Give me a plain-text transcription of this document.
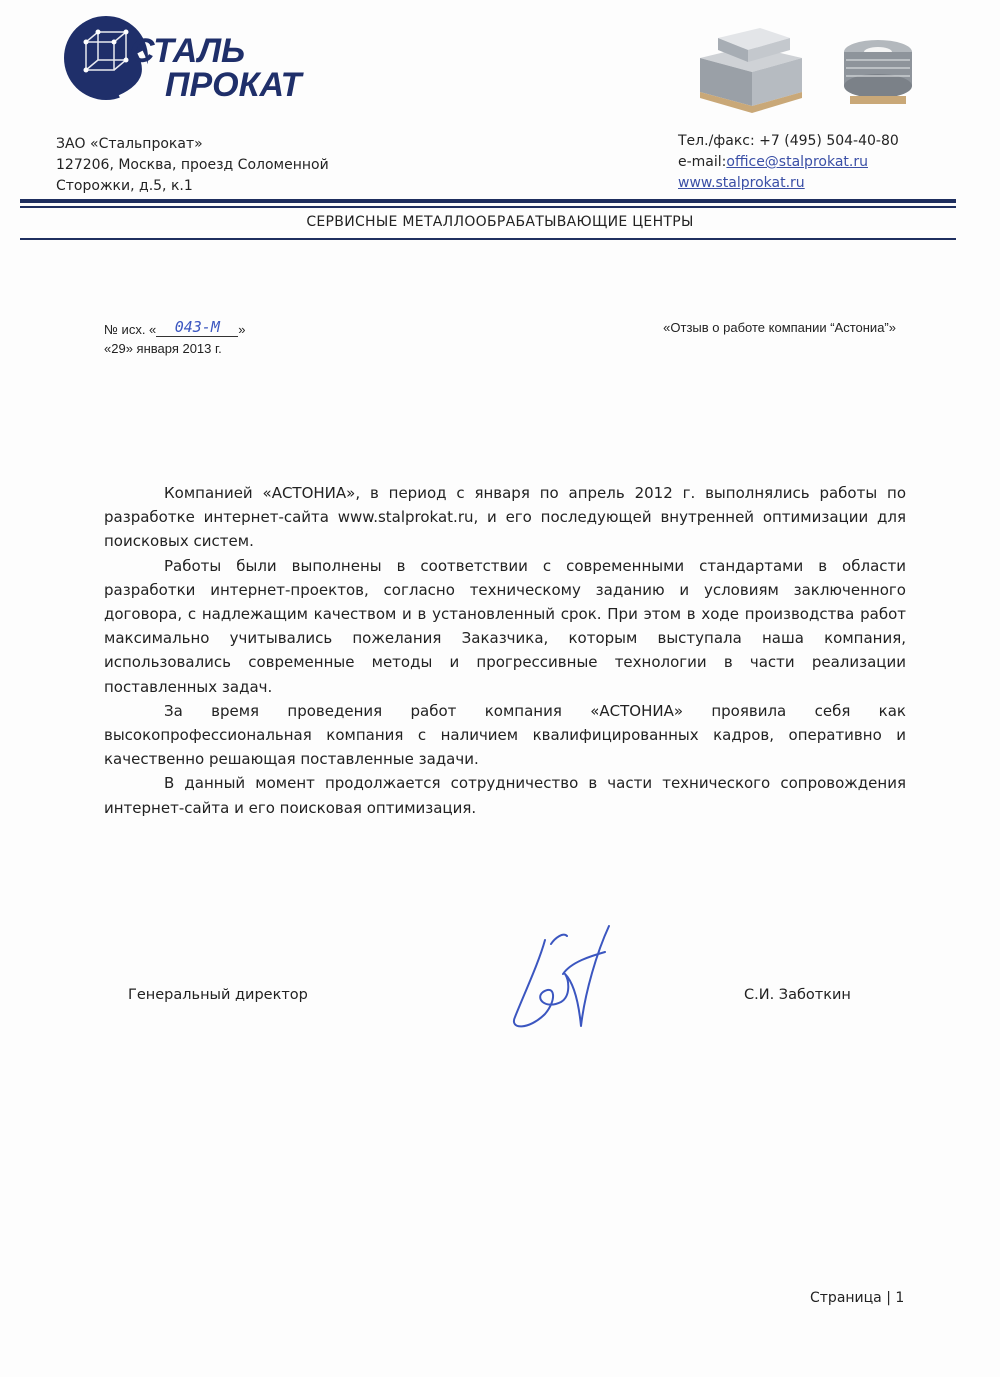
СТАЛЬ
ПРОКАТ
ЗАО «Стальпрокат»
127206, Москва, проезд Соломенной
Сторожки, д.5, к.1
Тел./факс: +7 (495) 504-40-80
e-mail:office@stalprokat.ru
www.stalprokat.ru
СЕРВИСНЫЕ МЕТАЛЛООБРАБАТЫВАЮЩИЕ ЦЕНТРЫ
№ исх. « 043-М »
«29» января 2013 г.
«Отзыв о работе компании “Астониа”»

Компанией «АСТОНИА», в период с января по апрель 2012 г. выполнялись работы по разработке интернет-сайта www.stalprokat.ru, и его последующей внутренней оптимизации для поисковых систем.

Работы были выполнены в соответствии с современными стандартами в области разработки интернет-проектов, согласно техническому заданию и условиям заключенного договора, с надлежащим качеством и в установленный срок. При этом в ходе производства работ максимально учитывались пожелания Заказчика, которым выступала наша компания, использовались современные методы и прогрессивные технологии в части реализации поставленных задач.

За время проведения работ компания «АСТОНИА» проявила себя как высокопрофессиональная компания с наличием квалифицированных кадров, оперативно и качественно решающая поставленные задачи.

В данный момент продолжается сотрудничество в части технического сопровождения интернет-сайта и его поисковая оптимизация.

Генеральный директор	С.И. Заботкин
Страница | 1
